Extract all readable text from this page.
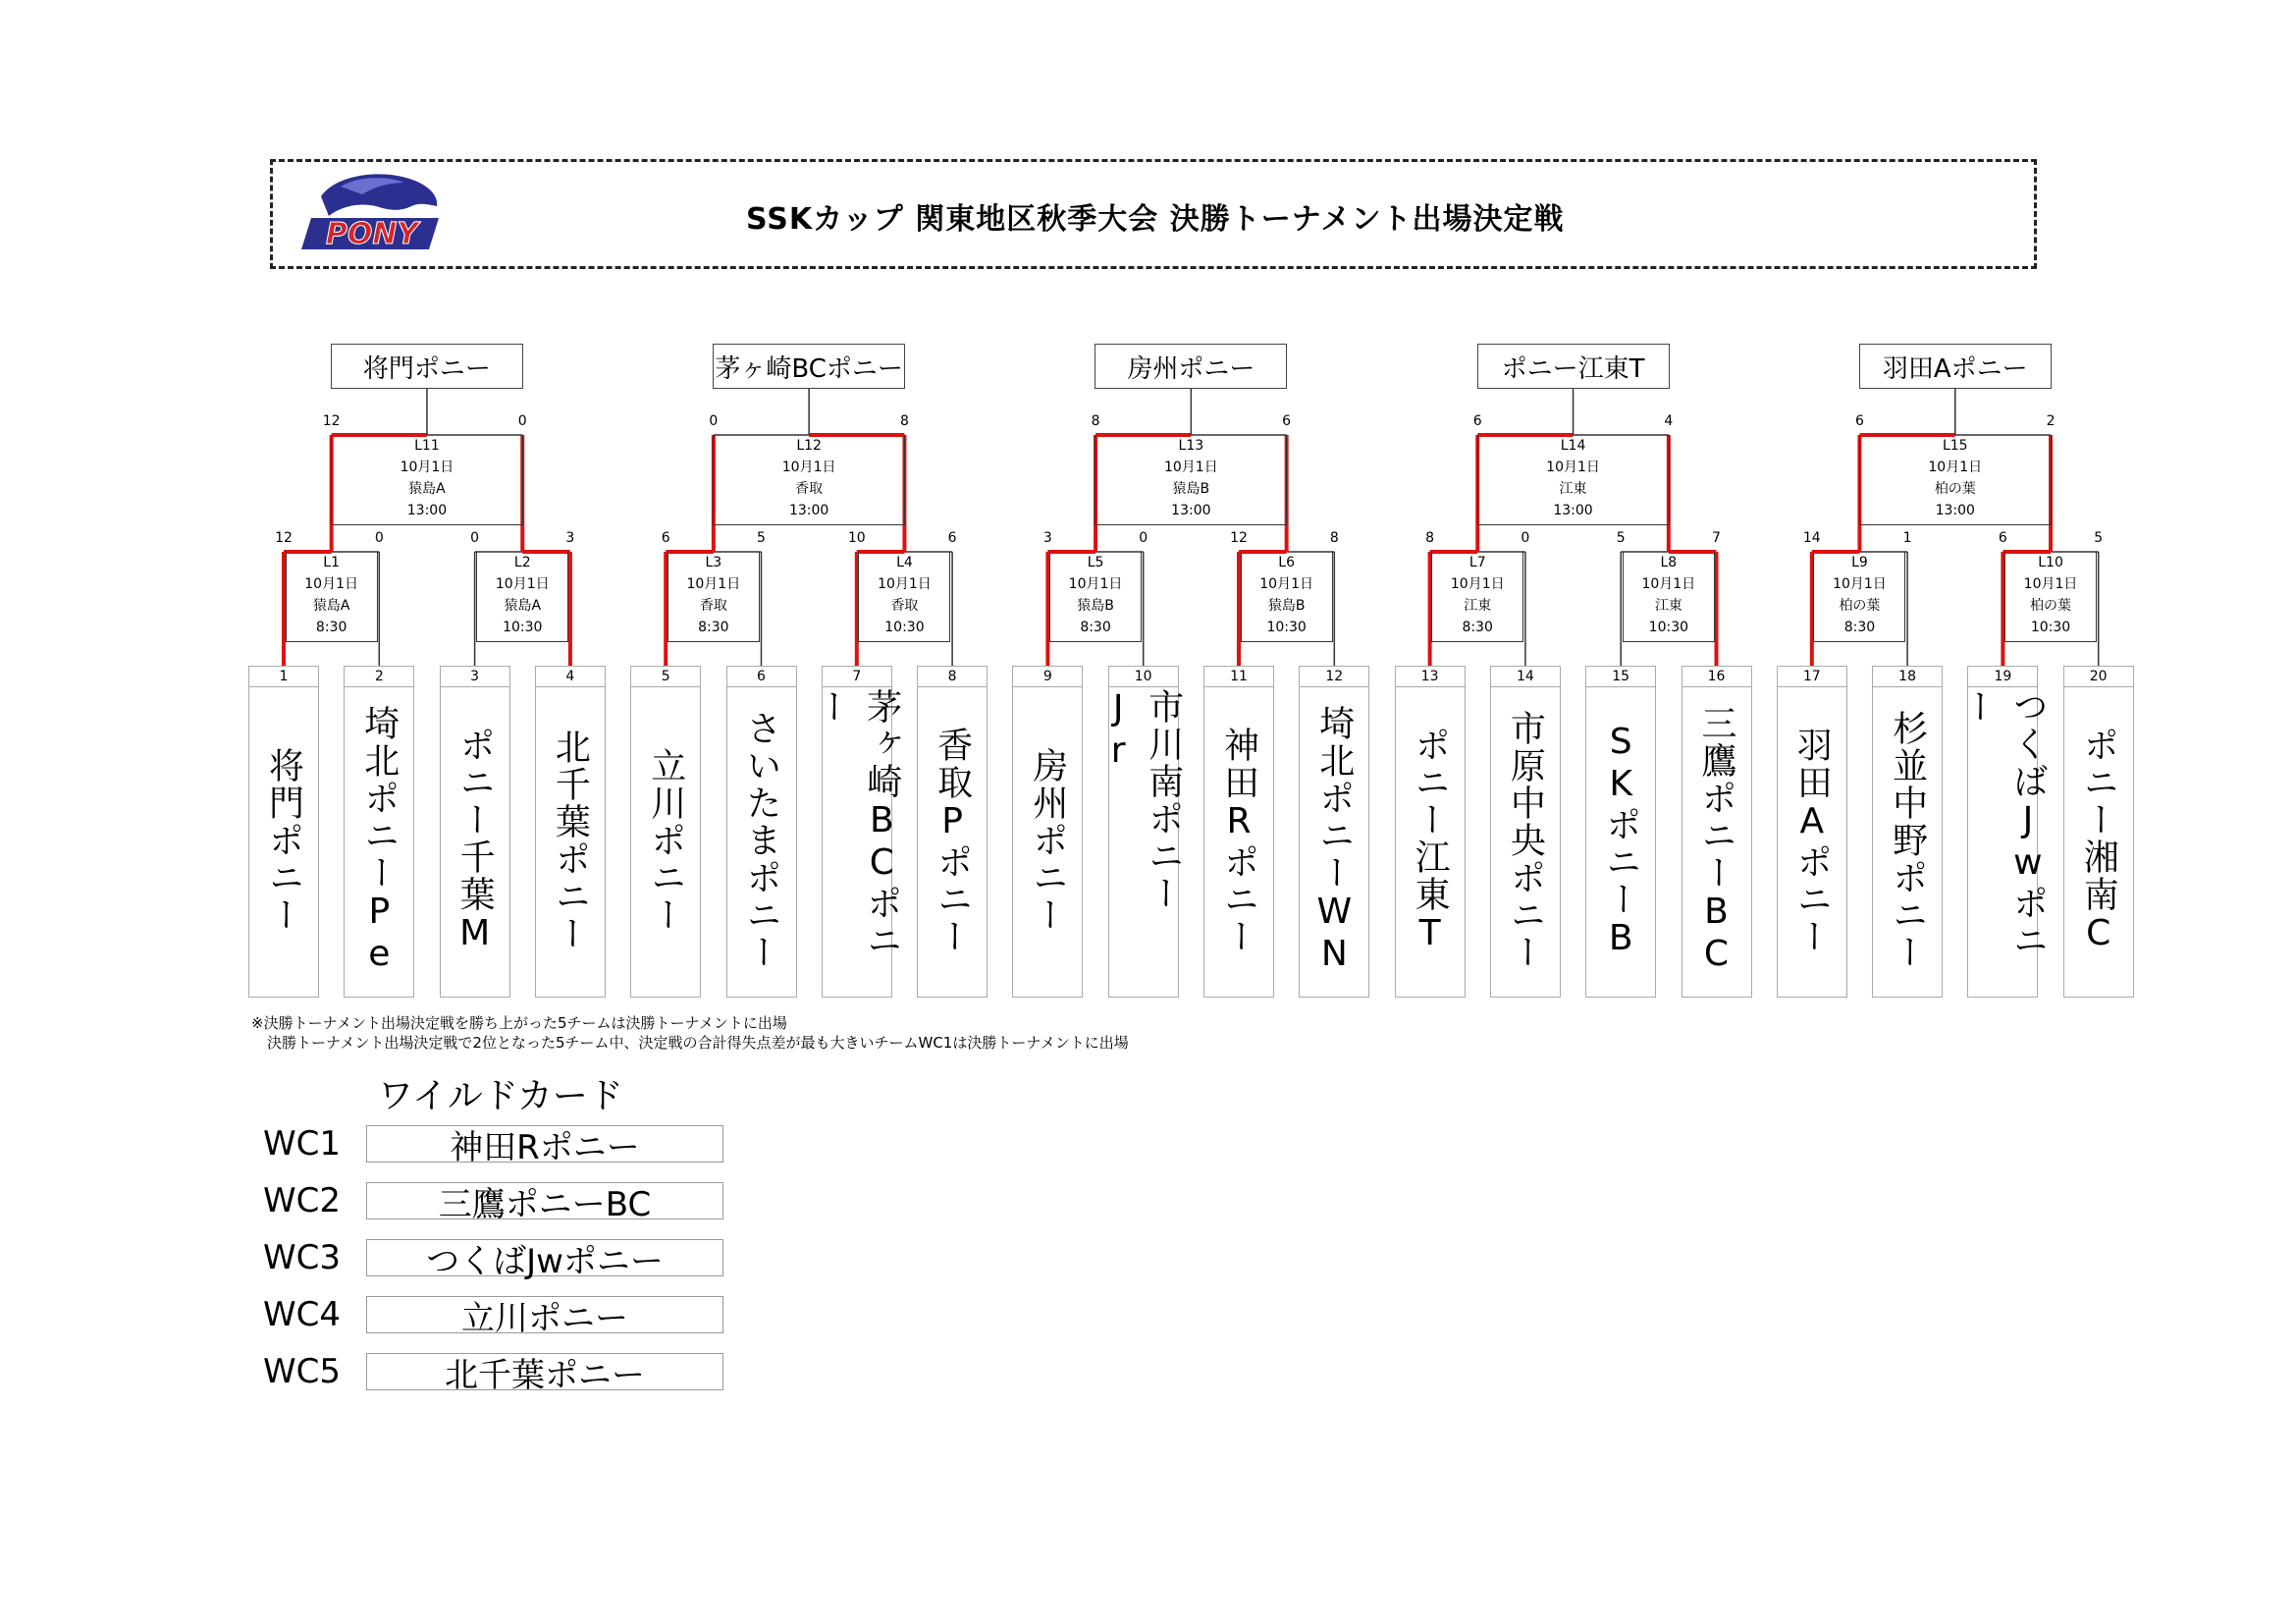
PONY	SSKカップ 関東地区秋季大会 決勝トーナメント出場決定戦
1
将門ポニー
2
埼北ポニーPe
3
ポニー千葉M
4
北千葉ポニー
5
立川ポニー
6
さいたまポニー
7
茅ヶ崎BCポニー
8
香取Pポニー
9
房州ポニー
10
市川南ポニーJr
11
神田Rポニー
12
埼北ポニーWN
13
ポニー江東T
14
市原中央ポニー
15
SKポニーB
16
三鷹ポニーBC
17
羽田Aポニー
18
杉並中野ポニー
19
つくばJwポニー
20
ポニー湘南C
L1
10月1日
猿島A
8:30
12	0
L2
10月1日
猿島A
10:30
0	3
L11
10月1日
猿島A
13:00
12	0
将門ポニー
L3
10月1日
香取
8:30
6	5
L4
10月1日
香取
10:30
10	6
L12
10月1日
香取
13:00
0	8
茅ヶ崎BCポニー
L5
10月1日
猿島B
8:30
3	0
L6
10月1日
猿島B
10:30
12	8
L13
10月1日
猿島B
13:00
8	6
房州ポニー
L7
10月1日
江東
8:30
8	0
L8
10月1日
江東
10:30
5	7
L14
10月1日
江東
13:00
6	4
ポニー江東T
L9
10月1日
柏の葉
8:30
14	1
L10
10月1日
柏の葉
10:30
6	5
L15
10月1日
柏の葉
13:00
6	2
羽田Aポニー
※決勝トーナメント出場決定戦を勝ち上がった5チームは決勝トーナメントに出場
決勝トーナメント出場決定戦で2位となった5チーム中、決定戦の合計得失点差が最も大きいチームWC1は決勝トーナメントに出場
ワイルドカード
WC1	神田Rポニー
WC2	三鷹ポニーBC
WC3	つくばJwポニー
WC4	立川ポニー
WC5	北千葉ポニー
